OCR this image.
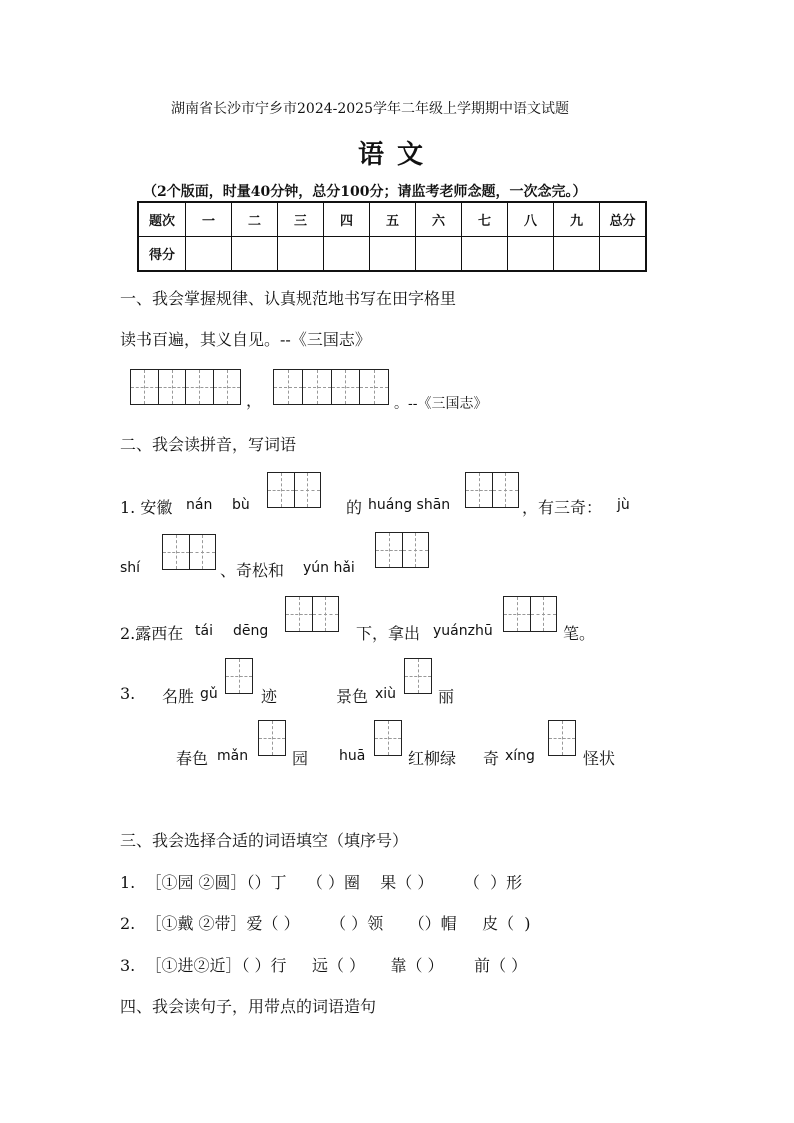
湖南省长沙市宁乡市2024-2025学年二年级上学期期中语文试题
语 文
（2个版面，时量40分钟，总分100分；请监考老师念题，一次念完。）
题次	一	二	三	四	五	六	七	八	九	总分
得分										
一、我会掌握规律、认真规范地书写在田字格里
读书百遍，其义自见。--《三国志》
，	。--《三国志》
二、我会读拼音，写词语
1. 安徽 nán bù	的 huáng shān	，有三奇： jù
shí	、奇松和 yún hǎi
2.露西在 tái dēng	下，拿出 yuánzhū	笔。
3. 名胜 gǔ	迹	景色 xiù	丽
春色 mǎn	园 huā	红柳绿 奇 xíng	怪状
三、我会选择合适的词语填空（填序号）
1.  ［①园 ②圆］（）丁    （ ）圈    果（ ）      （  ）形
2.  ［①戴 ②带］爱（ ）      （ ）领     （）帽     皮（  )
3.  ［①进②近］（ ）行     远（ ）     靠（ ）      前（ ）
四、我会读句子，用带点的词语造句
